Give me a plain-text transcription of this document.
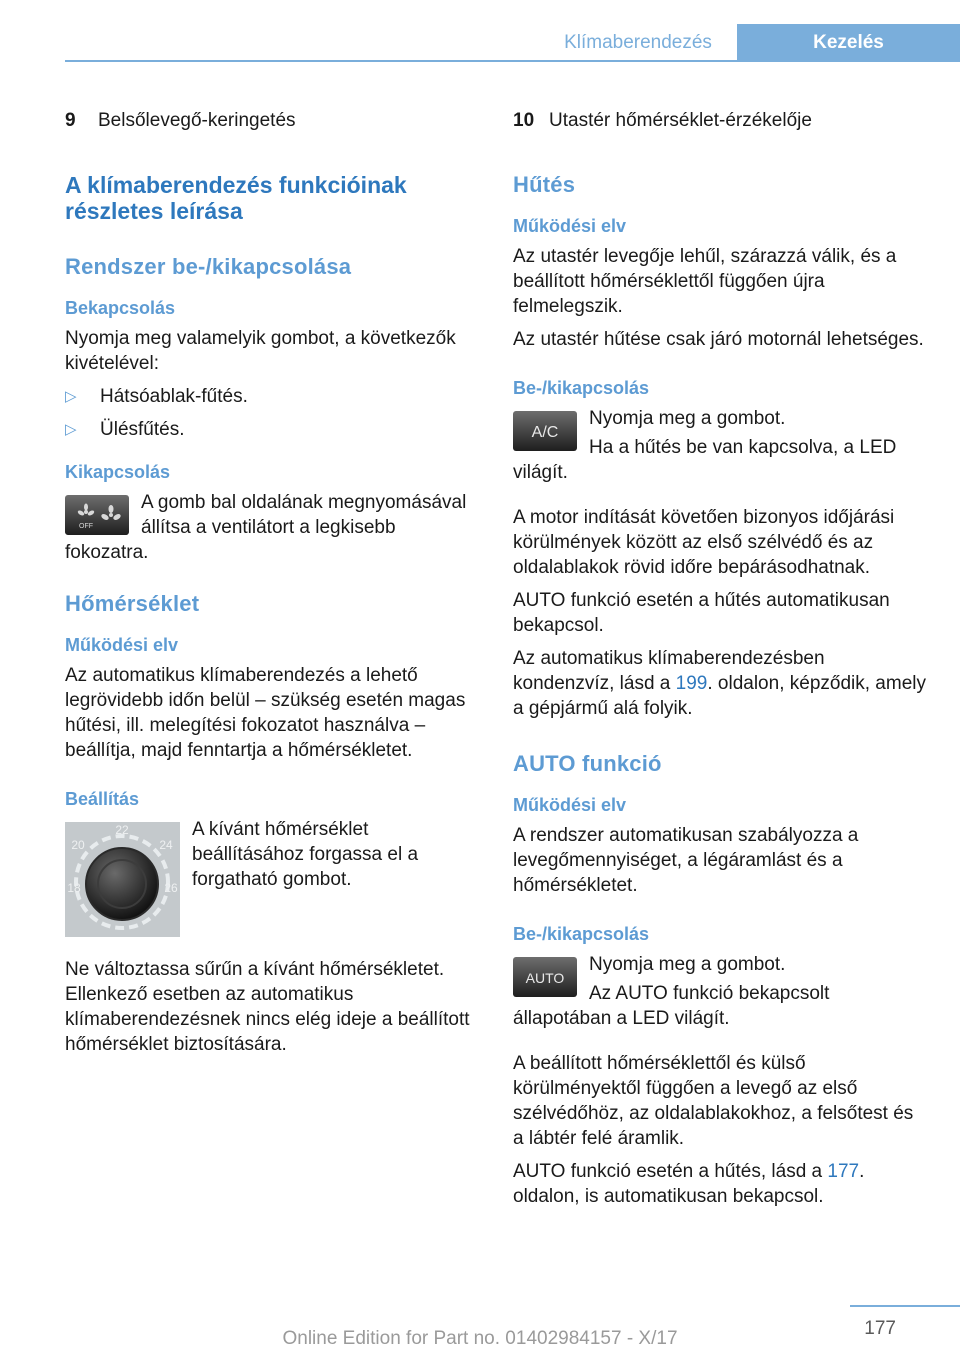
Klímaberendezés	Kezelés
9	Belsőlevegő-keringetés
A klímaberendezés funkcióinak részletes leírása
Rendszer be-/kikapcsolása
Bekapcsolás

Nyomja meg valamelyik gombot, a következők kivételével:

▷	Hátsóablak-fűtés.
▷	Ülésfűtés.
Kikapcsolás
OFF

A gomb bal oldalának megnyomásával állítsa a ventilátort a legkisebb fokozatra.

Hőmérséklet
Működési elv

Az automatikus klímaberendezés a lehető legrövidebb időn belül – szükség esetén magas hűtési, ill. melegítési fokozatot használva – beállítja, majd fenntartja a hőmérsékletet.

Beállítás
22
20	24
18	26

A kívánt hőmérséklet beállításához forgassa el a forgatható gombot.

Ne változtassa sűrűn a kívánt hőmérsékletet. Ellenkező esetben az automatikus klímaberendezésnek nincs elég ideje a beállított hőmérséklet biztosítására.

10 Utastér hőmérséklet-érzékelője
Hűtés
Működési elv

Az utastér levegője lehűl, szárazzá válik, és a beállított hőmérséklettől függően újra felmelegszik.

Az utastér hűtése csak járó motornál lehetséges.

Be-/kikapcsolás
A/C

Nyomja meg a gombot.

Ha a hűtés be van kapcsolva, a LED világít.

A motor indítását követően bizonyos időjárási körülmények között az első szélvédő és az oldalablakok rövid időre bepárásodhatnak.

AUTO funkció esetén a hűtés automatikusan bekapcsol.

Az automatikus klímaberendezésben kondenzvíz, lásd a 199. oldalon, képződik, amely a gépjármű alá folyik.

AUTO funkció
Működési elv

A rendszer automatikusan szabályozza a levegőmennyiséget, a légáramlást és a hőmérsékletet.

Be-/kikapcsolás
AUTO

Nyomja meg a gombot.

Az AUTO funkció bekapcsolt állapotában a LED világít.

A beállított hőmérséklettől és külső körülményektől függően a levegő az első szélvédőhöz, az oldalablakokhoz, a felsőtest és a lábtér felé áramlik.

AUTO funkció esetén a hűtés, lásd a 177. oldalon, is automatikusan bekapcsol.

177
Online Edition for Part no. 01402984157 - X/17
